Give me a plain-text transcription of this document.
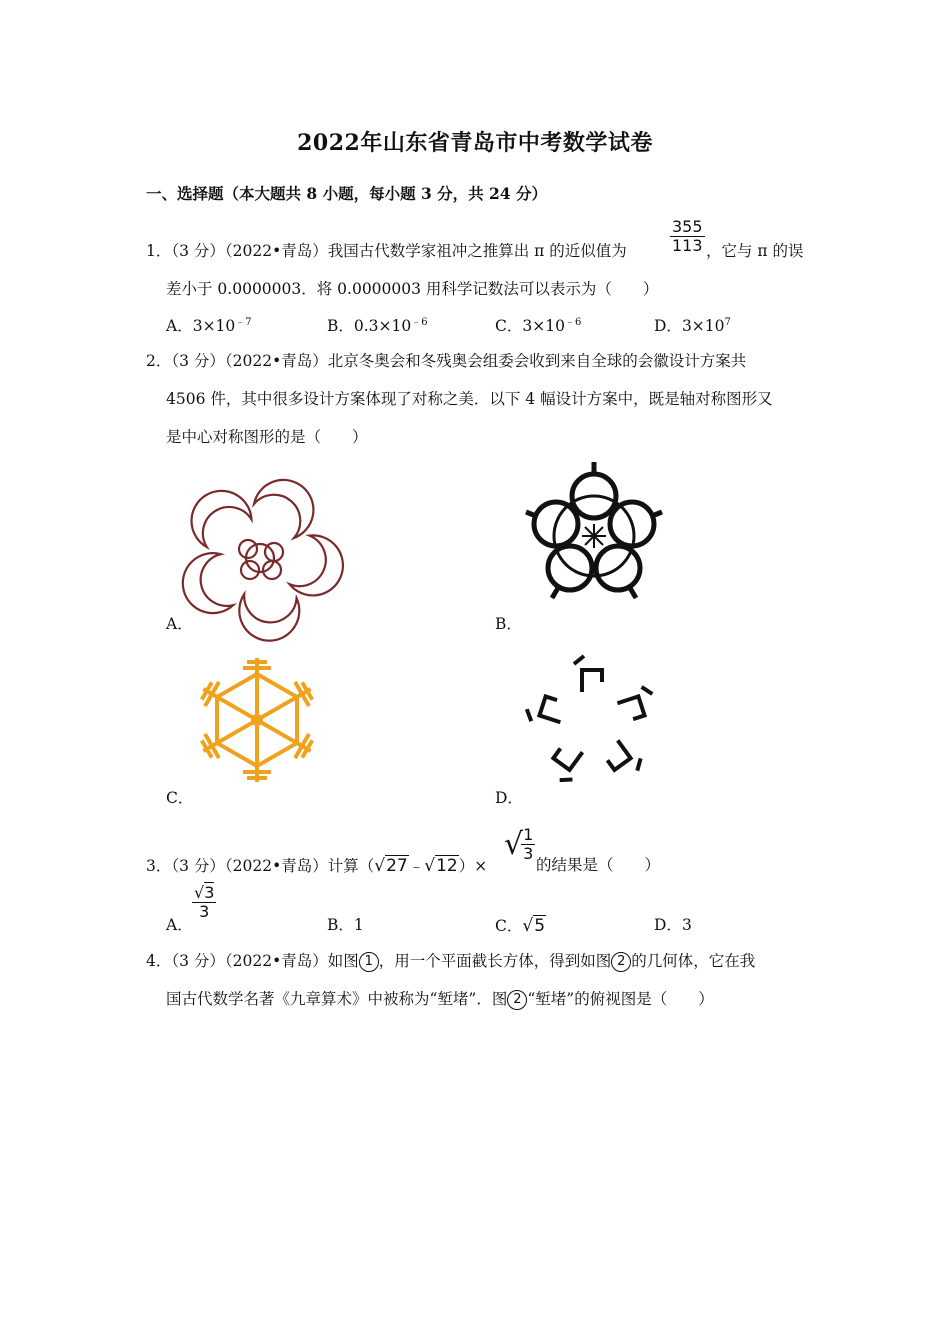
2022年山东省青岛市中考数学试卷
一、选择题（本大题共 8 小题，每小题 3 分，共 24 分）
1．（3 分）（2022•青岛）我国古代数学家祖冲之推算出 π 的近似值为	$\frac{355}{113}$ ，它与 π 的误
差小于 0.0000003．将 0.0000003 用科学记数法可以表示为（　　）
A．$3\times 10^{﹣7}$	B．$0.3\times 10^{﹣6}$	C．$3\times 10^{﹣6}$	D．$3\times 10^7$
2．（3 分）（2022•青岛）北京冬奥会和冬残奥会组委会收到来自全球的会徽设计方案共
4506 件，其中很多设计方案体现了对称之美．以下 4 幅设计方案中，既是轴对称图形又
是中心对称图形的是（　　）
A．	B．
C．	D．
3．（3 分）（2022•青岛）计算（√27﹣√12）×
√
$\frac{1}{3}$
的结果是（　　）
A．
$\frac{√3}{3}$
B．1	C．√5	D．3
4．（3 分）（2022•青岛）如图 1 ，用一个平面截长方体，得到如图 2 的几何体，它在我
国古代数学名著《九章算术》中被称为“堑堵”．图 2 “堑堵”的俯视图是（　　）
